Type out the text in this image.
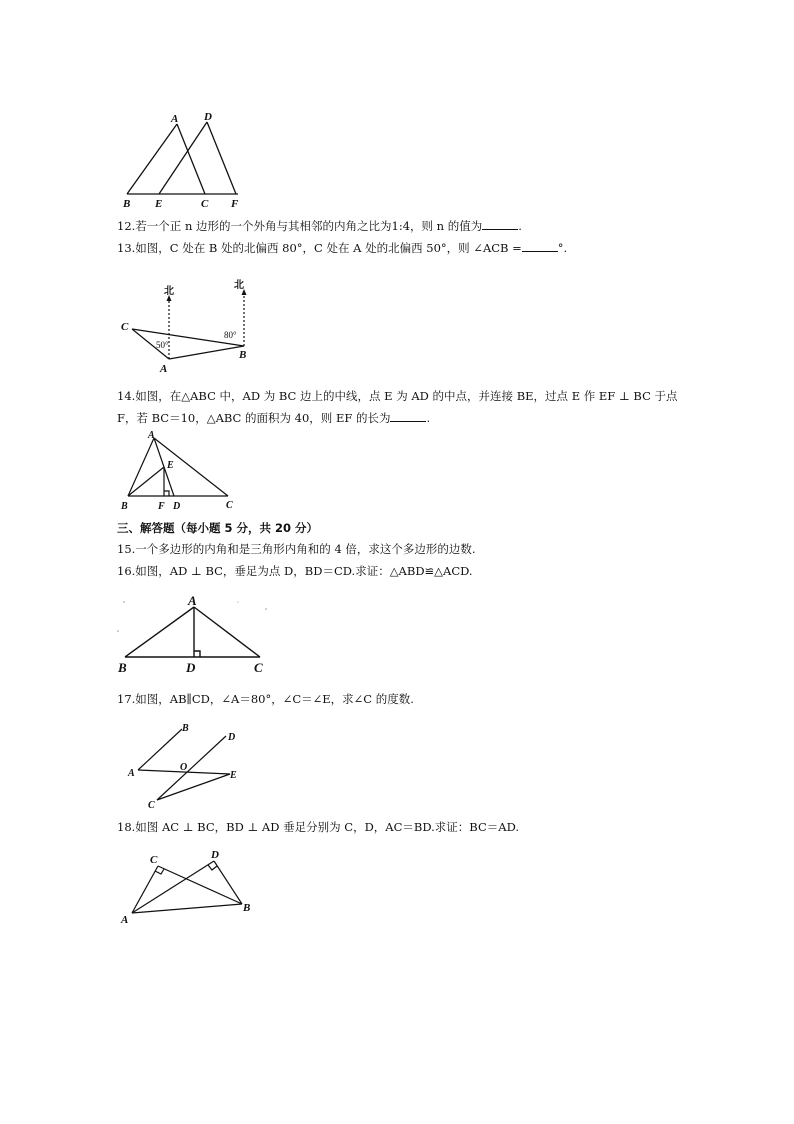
A D
B E	C F
12.若一个正 n 边形的一个外角与其相邻的内角之比为1:4，则 n 的值为	.
13.如图，C 处在 B 处的北偏西 80°，C 处在 A 处的北偏西 50°，则 ∠ACB =	°.
北
北
50°
80°
C
A
B
14.如图，在△ABC 中，AD 为 BC 边上的中线，点 E 为 AD 的中点，并连接 BE，过点 E 作 EF ⊥ BC 于点
F，若 BC＝10，△ABC 的面积为 40，则 EF 的长为	.
A
E
B	F D	C
三、解答题（每小题 5 分，共 20 分）
15.一个多边形的内角和是三角形内角和的 4 倍，求这个多边形的边数.
16.如图，AD ⊥ BC，垂足为点 D，BD＝CD.求证：△ABD≌△ACD.
A
B	D	C
17.如图，AB∥CD，∠A＝80°，∠C＝∠E，求∠C 的度数.
B
D
A
O
E
C
18.如图 AC ⊥ BC，BD ⊥ AD 垂足分别为 C，D，AC＝BD.求证：BC＝AD.
C	D
A
B
